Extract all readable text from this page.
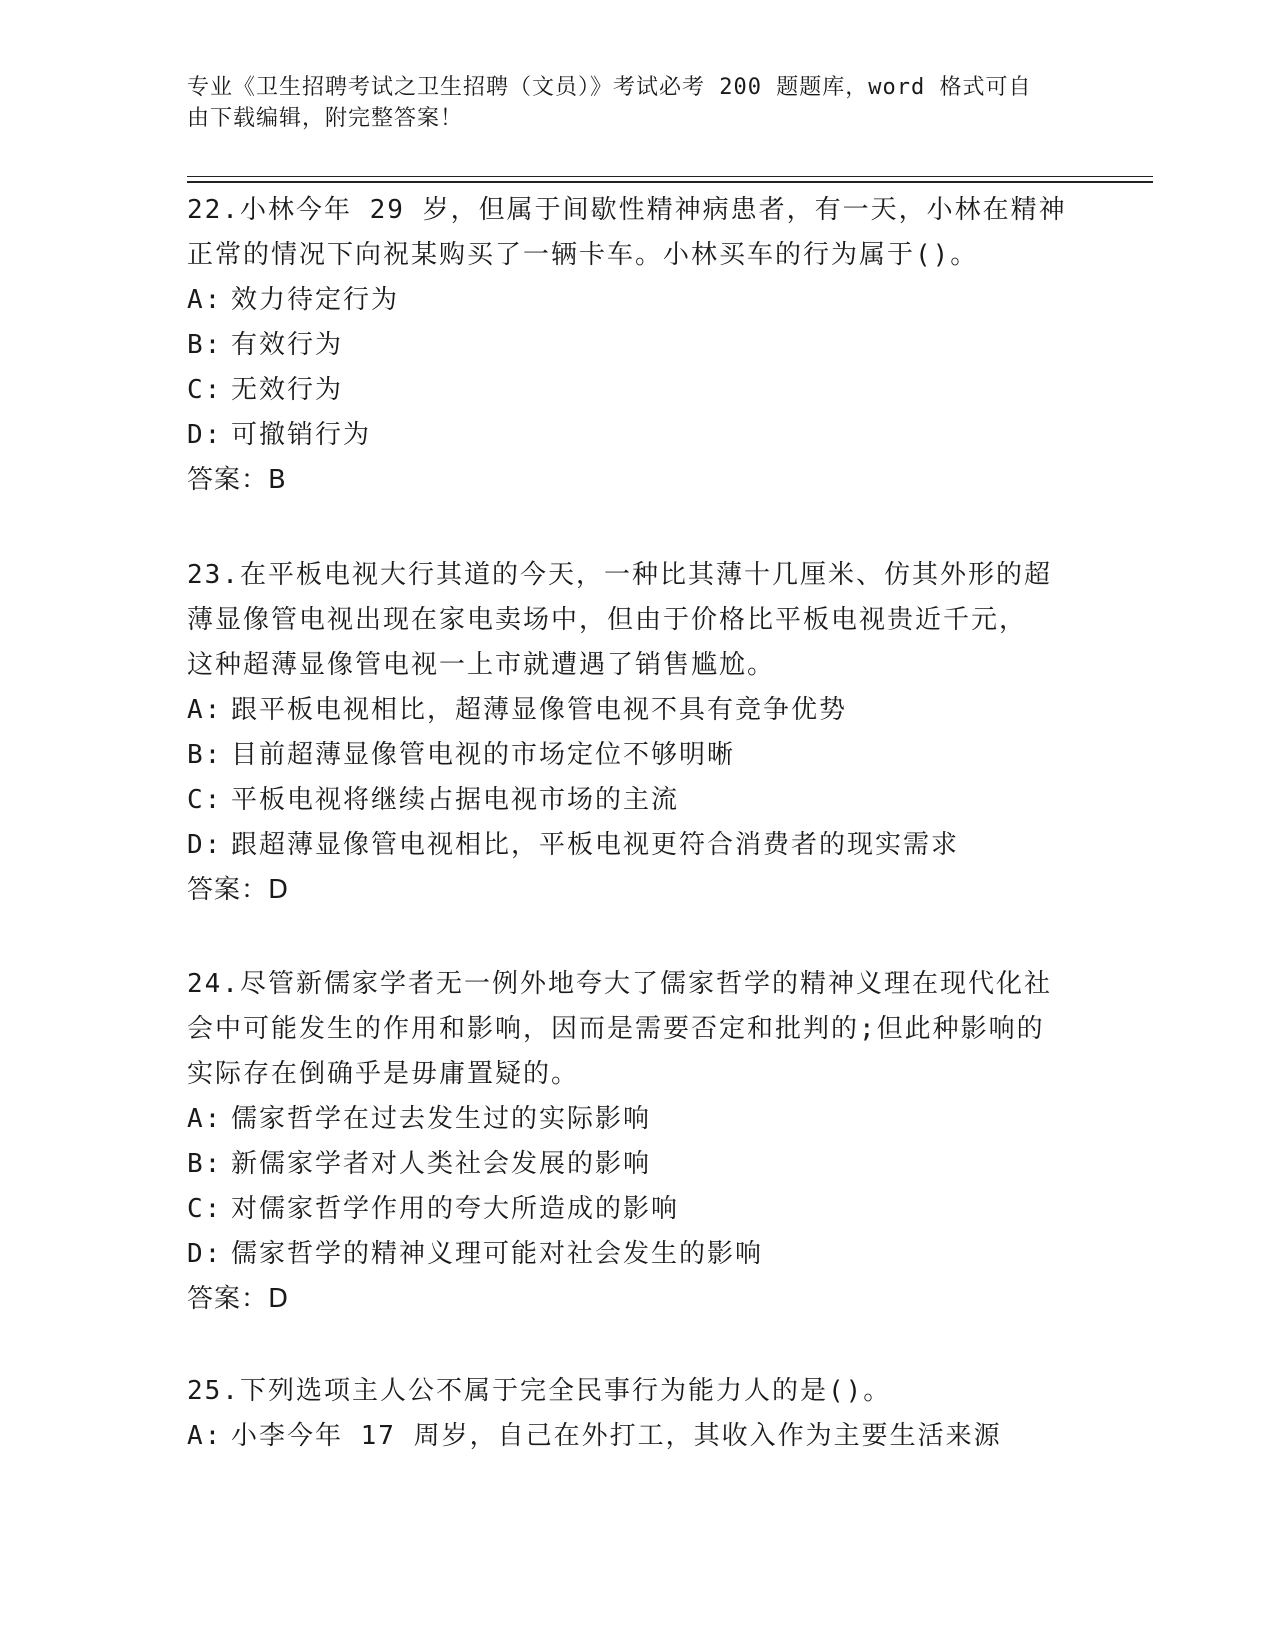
专业《卫生招聘考试之卫生招聘（文员）》考试必考 200 题题库，word 格式可自
由下载编辑，附完整答案！

22.小林今年 29 岁，但属于间歇性精神病患者，有一天，小林在精神

正常的情况下向祝某购买了一辆卡车。小林买车的行为属于()。

A: 效力待定行为

B: 有效行为

C: 无效行为

D: 可撤销行为

答案：B

23.在平板电视大行其道的今天，一种比其薄十几厘米、仿其外形的超

薄显像管电视出现在家电卖场中，但由于价格比平板电视贵近千元，

这种超薄显像管电视一上市就遭遇了销售尴尬。

A: 跟平板电视相比，超薄显像管电视不具有竞争优势

B: 目前超薄显像管电视的市场定位不够明晰

C: 平板电视将继续占据电视市场的主流

D: 跟超薄显像管电视相比，平板电视更符合消费者的现实需求

答案：D

24.尽管新儒家学者无一例外地夸大了儒家哲学的精神义理在现代化社

会中可能发生的作用和影响，因而是需要否定和批判的;但此种影响的

实际存在倒确乎是毋庸置疑的。

A: 儒家哲学在过去发生过的实际影响

B: 新儒家学者对人类社会发展的影响

C: 对儒家哲学作用的夸大所造成的影响

D: 儒家哲学的精神义理可能对社会发生的影响

答案：D

25.下列选项主人公不属于完全民事行为能力人的是()。

A: 小李今年 17 周岁，自己在外打工，其收入作为主要生活来源
